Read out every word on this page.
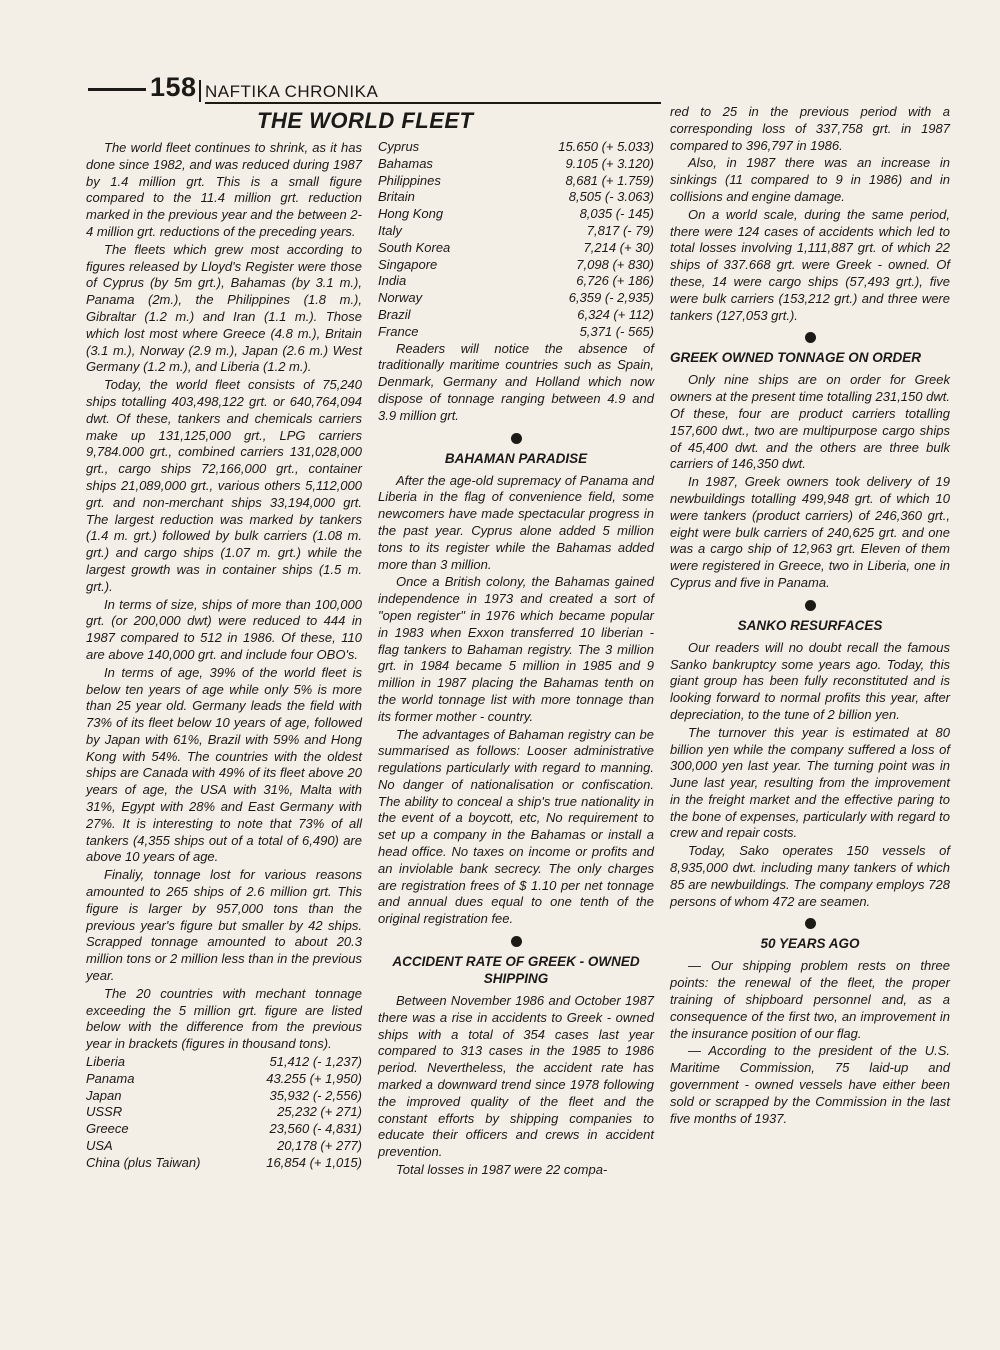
158 NAFTIKA CHRONIKA
THE WORLD FLEET

The world fleet continues to shrink, as it has done since 1982, and was reduced during 1987 by 1.4 million grt. This is a small figure compared to the 11.4 million grt. reduction marked in the previous year and the between 2-4 million grt. reductions of the preceding years.

The fleets which grew most according to figures released by Lloyd's Register were those of Cyprus (by 5m grt.), Bahamas (by 3.1 m.), Panama (2m.), the Philippines (1.8 m.), Gibraltar (1.2 m.) and Iran (1.1 m.). Those which lost most where Greece (4.8 m.), Britain (3.1 m.), Norway (2.9 m.), Japan (2.6 m.) West Germany (1.2 m.), and Liberia (1.2 m.).

Today, the world fleet consists of 75,240 ships totalling 403,498,122 grt. or 640,764,094 dwt. Of these, tankers and chemicals carriers make up 131,125,000 grt., LPG carriers 9,784.000 grt., combined carriers 131,028,000 grt., cargo ships 72,166,000 grt., container ships 21,089,000 grt., various others 5,112,000 grt. and non-merchant ships 33,194,000 grt. The largest reduction was marked by tankers (1.4 m. grt.) followed by bulk carriers (1.08 m. grt.) and cargo ships (1.07 m. grt.) while the largest growth was in container ships (1.5 m. grt.).

In terms of size, ships of more than 100,000 grt. (or 200,000 dwt) were reduced to 444 in 1987 compared to 512 in 1986. Of these, 110 are above 140,000 grt. and include four OBO's.

In terms of age, 39% of the world fleet is below ten years of age while only 5% is more than 25 year old. Germany leads the field with 73% of its fleet below 10 years of age, followed by Japan with 61%, Brazil with 59% and Hong Kong with 54%. The countries with the oldest ships are Canada with 49% of its fleet above 20 years of age, the USA with 31%, Malta with 31%, Egypt with 28% and East Germany with 27%. It is interesting to note that 73% of all tankers (4,355 ships out of a total of 6,490) are above 10 years of age.

Finaliy, tonnage lost for various reasons amounted to 265 ships of 2.6 million grt. This figure is larger by 957,000 tons than the previous year's figure but smaller by 42 ships. Scrapped tonnage amounted to about 20.3 million tons or 2 million less than in the previous year.

The 20 countries with mechant tonnage exceeding the 5 million grt. figure are listed below with the difference from the previous year in brackets (figures in thousand tons).

Liberia	51,412 (- 1,237)
Panama	43.255 (+ 1,950)
Japan	35,932 (- 2,556)
USSR	25,232 (+ 271)
Greece	23,560 (- 4,831)
USA	20,178 (+ 277)
China (plus Taiwan)	16,854 (+ 1,015)
Cyprus	15.650 (+ 5.033)
Bahamas	9.105 (+ 3.120)
Philippines	8,681 (+ 1.759)
Britain	8,505 (- 3.063)
Hong Kong	8,035 (- 145)
Italy	7,817 (- 79)
South Korea	7,214 (+ 30)
Singapore	7,098 (+ 830)
India	6,726 (+ 186)
Norway	6,359 (- 2,935)
Brazil	6,324 (+ 112)
France	5,371 (- 565)

Readers will notice the absence of traditionally maritime countries such as Spain, Denmark, Germany and Holland which now dispose of tonnage ranging between 4.9 and 3.9 million grt.

BAHAMAN PARADISE

After the age-old supremacy of Panama and Liberia in the flag of convenience field, some newcomers have made spectacular progress in the past year. Cyprus alone added 5 million tons to its register while the Bahamas added more than 3 million.

Once a British colony, the Bahamas gained independence in 1973 and created a sort of "open register" in 1976 which became popular in 1983 when Exxon transferred 10 liberian - flag tankers to Bahaman registry. The 3 million grt. in 1984 became 5 million in 1985 and 9 million in 1987 placing the Bahamas tenth on the world tonnage list with more tonnage than its former mother - country.

The advantages of Bahaman registry can be summarised as follows: Looser administrative regulations particularly with regard to manning. No danger of nationalisation or confiscation. The ability to conceal a ship's true nationality in the event of a boycott, etc, No requirement to set up a company in the Bahamas or install a head office. No taxes on income or profits and an inviolable bank secrecy. The only charges are registration frees of $ 1.10 per net tonnage and annual dues equal to one tenth of the original registration fee.

ACCIDENT RATE OF GREEK - OWNED SHIPPING

Between November 1986 and October 1987 there was a rise in accidents to Greek - owned ships with a total of 354 cases last year compared to 313 cases in the 1985 to 1986 period. Nevertheless, the accident rate has marked a downward trend since 1978 following the improved quality of the fleet and the constant efforts by shipping companies to educate their officers and crews in accident prevention.

Total losses in 1987 were 22 compa-

red to 25 in the previous period with a corresponding loss of 337,758 grt. in 1987 compared to 396,797 in 1986.

Also, in 1987 there was an increase in sinkings (11 compared to 9 in 1986) and in collisions and engine damage.

On a world scale, during the same period, there were 124 cases of accidents which led to total losses involving 1,111,887 grt. of which 22 ships of 337.668 grt. were Greek - owned. Of these, 14 were cargo ships (57,493 grt.), five were bulk carriers (153,212 grt.) and three were tankers (127,053 grt.).

GREEK OWNED TONNAGE ON ORDER

Only nine ships are on order for Greek owners at the present time totalling 231,150 dwt. Of these, four are product carriers totalling 157,600 dwt., two are multipurpose cargo ships of 45,400 dwt. and the others are three bulk carriers of 146,350 dwt.

In 1987, Greek owners took delivery of 19 newbuildings totalling 499,948 grt. of which 10 were tankers (product carriers) of 246,360 grt., eight were bulk carriers of 240,625 grt. and one was a cargo ship of 12,963 grt. Eleven of them were registered in Greece, two in Liberia, one in Cyprus and five in Panama.

SANKO RESURFACES

Our readers will no doubt recall the famous Sanko bankruptcy some years ago. Today, this giant group has been fully reconstituted and is looking forward to normal profits this year, after depreciation, to the tune of 2 billion yen.

The turnover this year is estimated at 80 billion yen while the company suffered a loss of 300,000 yen last year. The turning point was in June last year, resulting from the improvement in the freight market and the effective paring to the bone of expenses, particularly with regard to crew and repair costs.

Today, Sako operates 150 vessels of 8,935,000 dwt. including many tankers of which 85 are newbuildings. The company employs 728 persons of whom 472 are seamen.

50 YEARS AGO

— Our shipping problem rests on three points: the renewal of the fleet, the proper training of shipboard personnel and, as a consequence of the first two, an improvement in the insurance position of our flag.

— According to the president of the U.S. Maritime Commission, 75 laid-up and government - owned vessels have either been sold or scrapped by the Commission in the last five months of 1937.
